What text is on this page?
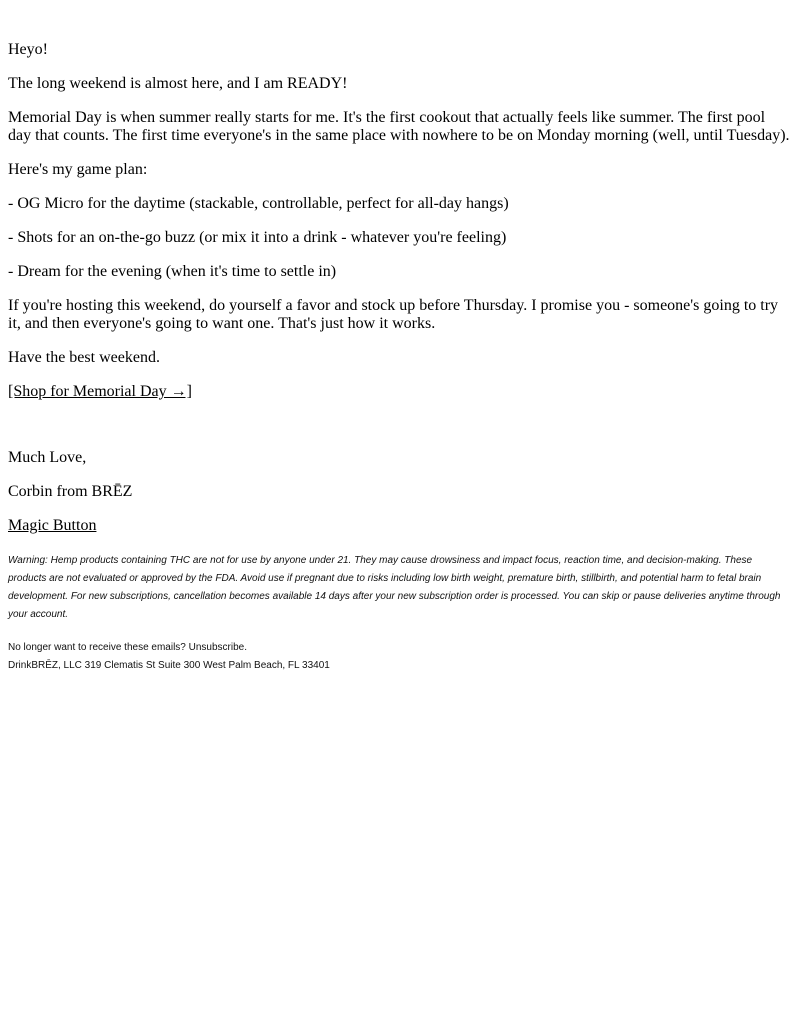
Heyo!

The long weekend is almost here, and I am READY!

Memorial Day is when summer really starts for me. It's the first cookout that actually feels like summer. The first pool day that counts. The first time everyone's in the same place with nowhere to be on Monday morning (well, until Tuesday).

Here's my game plan:

- OG Micro for the daytime (stackable, controllable, perfect for all-day hangs)

- Shots for an on-the-go buzz (or mix it into a drink - whatever you're feeling)

- Dream for the evening (when it's time to settle in)

If you're hosting this weekend, do yourself a favor and stock up before Thursday. I promise you - someone's going to try it, and then everyone's going to want one. That's just how it works.

Have the best weekend.

[Shop for Memorial Day →]

Much Love,

Corbin from BRĒZ

Magic Button

Warning: Hemp products containing THC are not for use by anyone under 21. They may cause drowsiness and impact focus, reaction time, and decision-making. These products are not evaluated or approved by the FDA. Avoid use if pregnant due to risks including low birth weight, premature birth, stillbirth, and potential harm to fetal brain development. For new subscriptions, cancellation becomes available 14 days after your new subscription order is processed. You can skip or pause deliveries anytime through your account.

No longer want to receive these emails? Unsubscribe.

DrinkBRĒZ, LLC 319 Clematis St Suite 300 West Palm Beach, FL 33401
